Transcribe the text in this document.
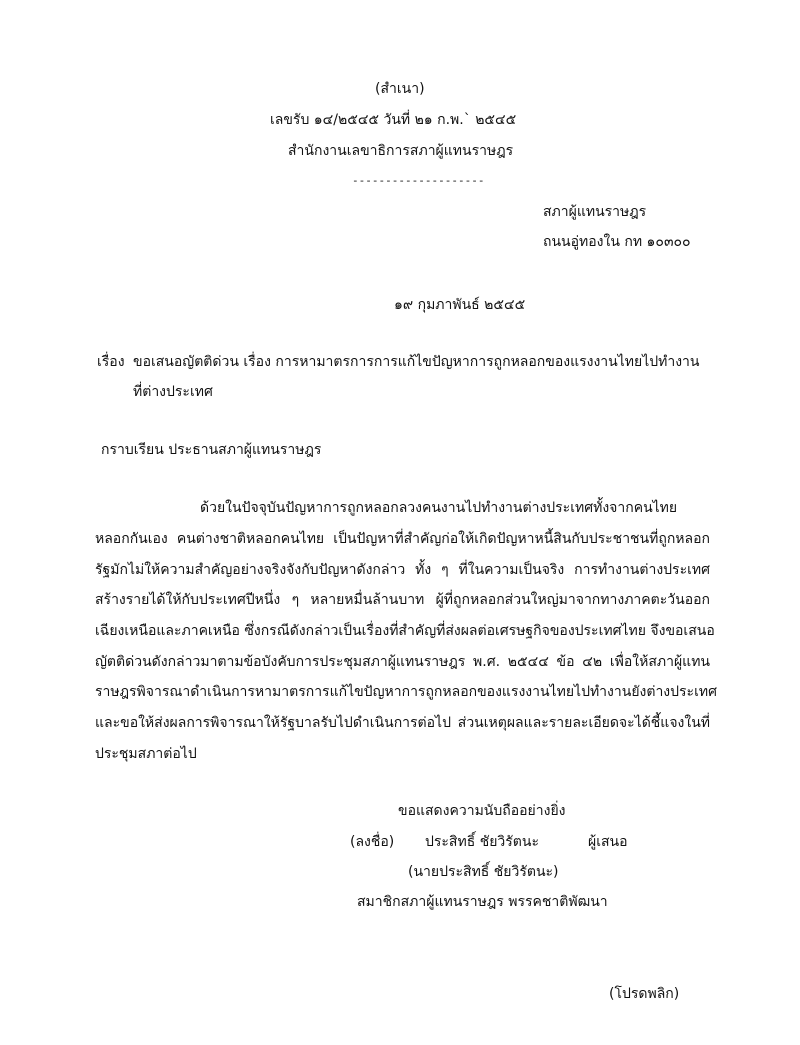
(สำเนา)
เลขรับ ๑๔/๒๕๔๕ วันที่ ๒๑ ก.พ.` ๒๕๔๕
สำนักงานเลขาธิการสภาผู้แทนราษฎร
--------------------
สภาผู้แทนราษฎร
ถนนอู่ทองใน กท ๑๐๓๐๐
๑๙ กุมภาพันธ์ ๒๕๔๕
เรื่อง ขอเสนอญัตติด่วน เรื่อง การหามาตรการการแก้ไขปัญหาการถูกหลอกของแรงงานไทยไปทำงาน
ที่ต่างประเทศ
กราบเรียน ประธานสภาผู้แทนราษฎร
ด้วยในปัจจุบันปัญหาการถูกหลอกลวงคนงานไปทำงานต่างประเทศทั้งจากคนไทย
หลอกกันเอง คนต่างชาติหลอกคนไทย เป็นปัญหาที่สำคัญก่อให้เกิดปัญหาหนี้สินกับประชาชนที่ถูกหลอก
รัฐมักไม่ให้ความสำคัญอย่างจริงจังกับปัญหาดังกล่าว ทั้ง ๆ ที่ในความเป็นจริง การทำงานต่างประเทศ
สร้างรายได้ให้กับประเทศปีหนึ่ง ๆ หลายหมื่นล้านบาท ผู้ที่ถูกหลอกส่วนใหญ่มาจากทางภาคตะวันออก
เฉียงเหนือและภาคเหนือ ซึ่งกรณีดังกล่าวเป็นเรื่องที่สำคัญที่ส่งผลต่อเศรษฐกิจของประเทศไทย จึงขอเสนอ
ญัตติด่วนดังกล่าวมาตามข้อบังคับการประชุมสภาผู้แทนราษฎร พ.ศ. ๒๕๔๔ ข้อ ๔๒ เพื่อให้สภาผู้แทน
ราษฎรพิจารณาดำเนินการหามาตรการแก้ไขปัญหาการถูกหลอกของแรงงานไทยไปทำงานยังต่างประเทศ
และขอให้ส่งผลการพิจารณาให้รัฐบาลรับไปดำเนินการต่อไป ส่วนเหตุผลและรายละเอียดจะได้ชี้แจงในที่
ประชุมสภาต่อไป
ขอแสดงความนับถืออย่างยิ่ง
(ลงชื่อ) ประสิทธิ์ ชัยวิรัตนะ	ผู้เสนอ
(นายประสิทธิ์ ชัยวิรัตนะ)
สมาชิกสภาผู้แทนราษฎร พรรคชาติพัฒนา
(โปรดพลิก)
